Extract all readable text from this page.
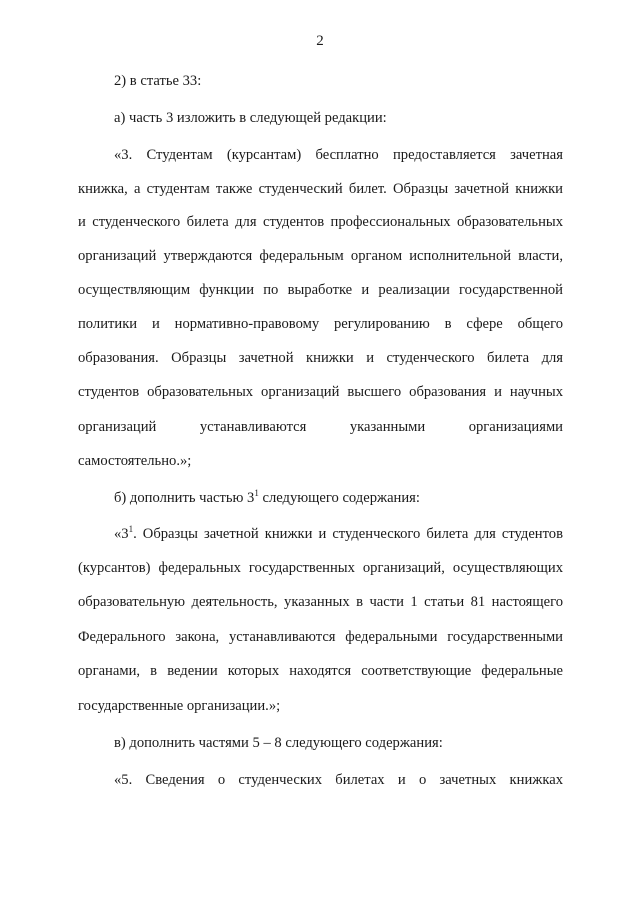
2
2) в статье 33:
а) часть 3 изложить в следующей редакции:
«3. Студентам (курсантам) бесплатно предоставляется зачетная
книжка, а студентам также студенческий билет. Образцы зачетной книжки
и студенческого билета для студентов профессиональных образовательных
организаций утверждаются федеральным органом исполнительной власти,
осуществляющим функции по выработке и реализации государственной
политики и нормативно-правовому регулированию в сфере общего
образования. Образцы зачетной книжки и студенческого билета для
студентов образовательных организаций высшего образования и научных
организаций устанавливаются указанными организациями
самостоятельно.»;
б) дополнить частью $3^1$ следующего содержания:
«$3^1$. Образцы зачетной книжки и студенческого билета для студентов
(курсантов) федеральных государственных организаций, осуществляющих
образовательную деятельность, указанных в части 1 статьи 81 настоящего
Федерального закона, устанавливаются федеральными государственными
органами, в ведении которых находятся соответствующие федеральные
государственные организации.»;
в) дополнить частями 5 – 8 следующего содержания:
«5. Сведения о студенческих билетах и о зачетных книжках
